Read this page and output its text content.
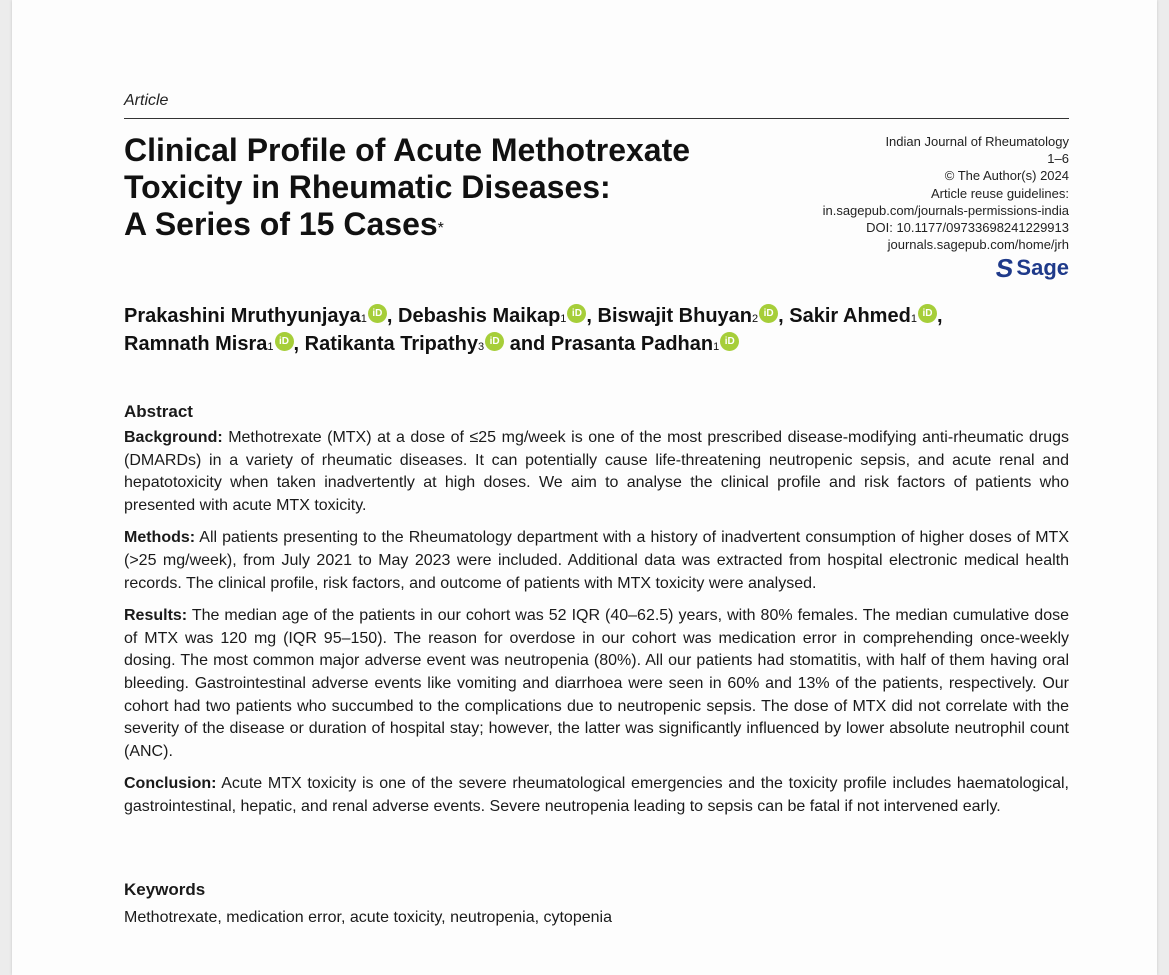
Article
Clinical Profile of Acute Methotrexate
Toxicity in Rheumatic Diseases:
A Series of 15 Cases*
Indian Journal of Rheumatology
1–6
© The Author(s) 2024
Article reuse guidelines:
in.sagepub.com/journals-permissions-india
DOI: 10.1177/09733698241229913
journals.sagepub.com/home/jrh
S Sage
Prakashini Mruthyunjaya$^1$ iD , Debashis Maikap$^1$ iD , Biswajit Bhuyan$^2$ iD , Sakir Ahmed$^1$ iD ,
Ramnath Misra$^1$ iD , Ratikanta Tripathy$^3$ iD and Prasanta Padhan$^1$ iD
Abstract

Background: Methotrexate (MTX) at a dose of ≤25 mg/week is one of the most prescribed disease-modifying anti-rheumatic drugs (DMARDs) in a variety of rheumatic diseases. It can potentially cause life-threatening neutropenic sepsis, and acute renal and hepatotoxicity when taken inadvertently at high doses. We aim to analyse the clinical profile and risk factors of patients who presented with acute MTX toxicity.

Methods: All patients presenting to the Rheumatology department with a history of inadvertent consumption of higher doses of MTX (>25 mg/week), from July 2021 to May 2023 were included. Additional data was extracted from hospital electronic medical health records. The clinical profile, risk factors, and outcome of patients with MTX toxicity were analysed.

Results: The median age of the patients in our cohort was 52 IQR (40–62.5) years, with 80% females. The median cumulative dose of MTX was 120 mg (IQR 95–150). The reason for overdose in our cohort was medication error in comprehending once-weekly dosing. The most common major adverse event was neutropenia (80%). All our patients had stomatitis, with half of them having oral bleeding. Gastrointestinal adverse events like vomiting and diarrhoea were seen in 60% and 13% of the patients, respectively. Our cohort had two patients who succumbed to the complications due to neutropenic sepsis. The dose of MTX did not correlate with the severity of the disease or duration of hospital stay; however, the latter was significantly influenced by lower absolute neutrophil count (ANC).

Conclusion: Acute MTX toxicity is one of the severe rheumatological emergencies and the toxicity profile includes haematological, gastrointestinal, hepatic, and renal adverse events. Severe neutropenia leading to sepsis can be fatal if not intervened early.

Keywords
Methotrexate, medication error, acute toxicity, neutropenia, cytopenia
